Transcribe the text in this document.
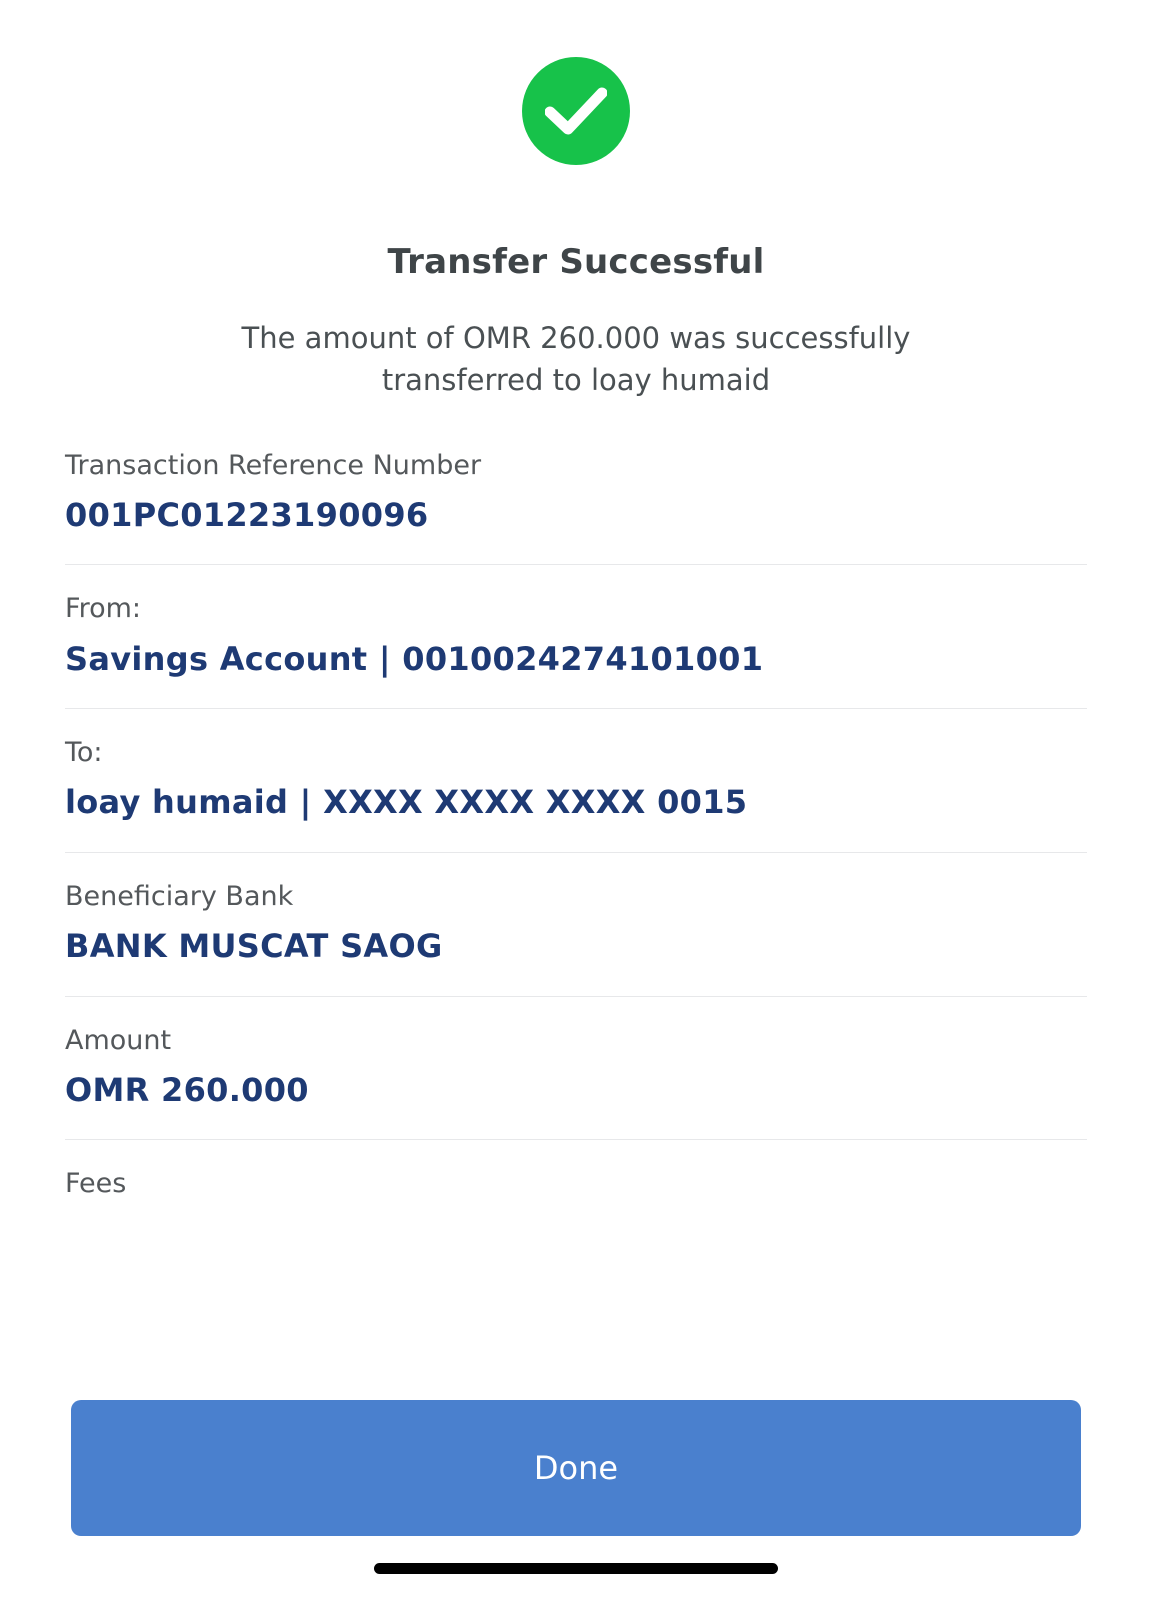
Transfer Successful
The amount of OMR 260.000 was successfully transferred to loay humaid
Transaction Reference Number
001PC01223190096
From:
Savings Account | 0010024274101001
To:
loay humaid | XXXX XXXX XXXX 0015
Beneficiary Bank
BANK MUSCAT SAOG
Amount
OMR 260.000
Fees
Done
